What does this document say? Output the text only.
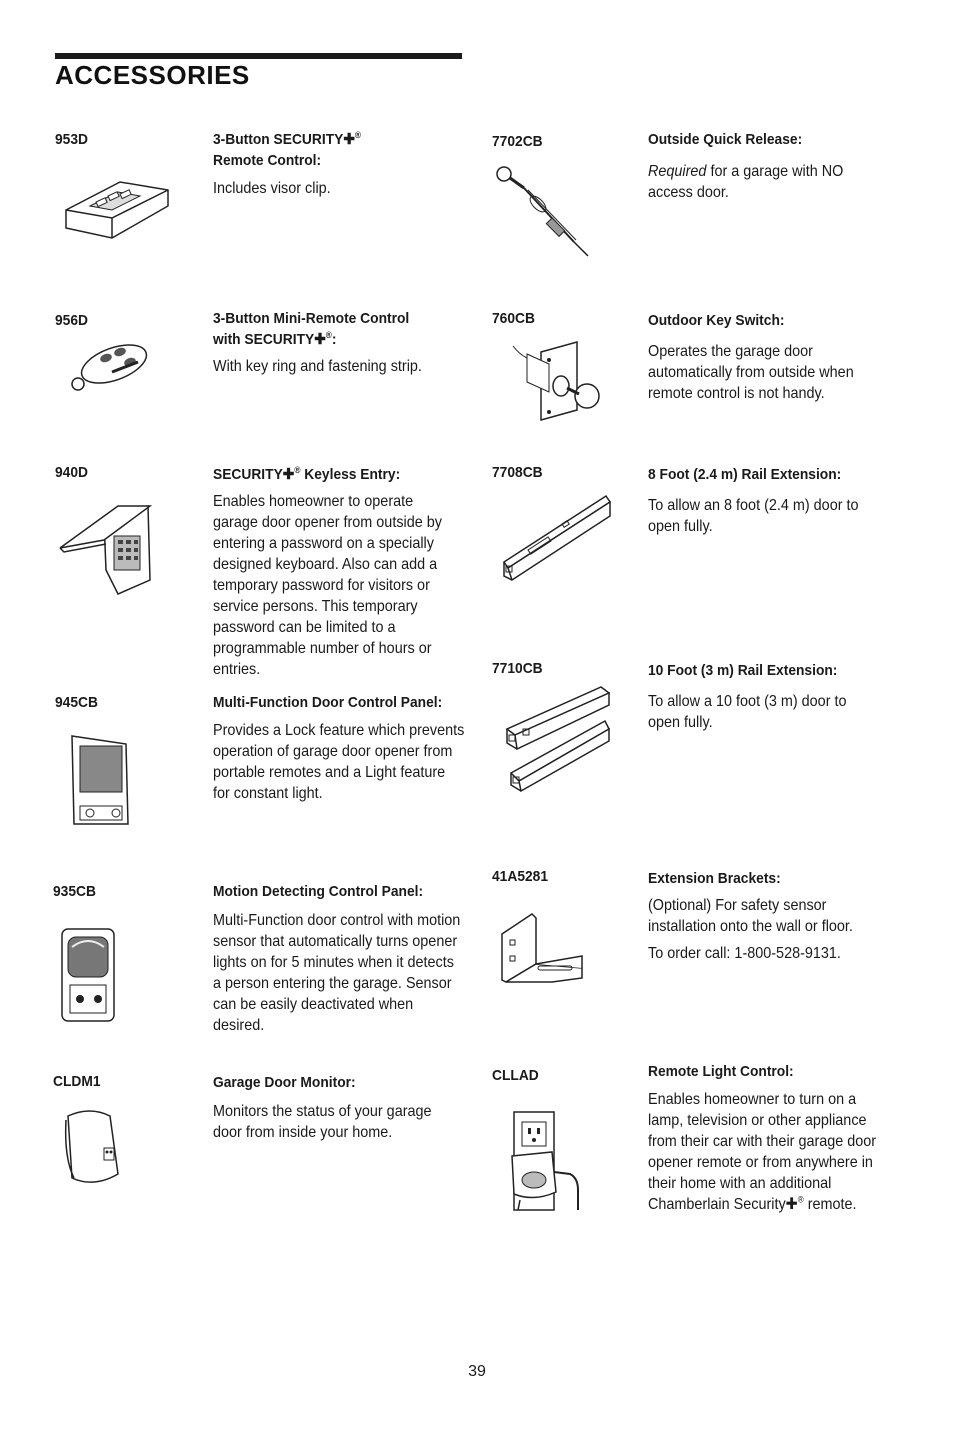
ACCESSORIES
953D	3-Button SECURITY✚®
Remote Control:
Includes visor clip.
956D	3-Button Mini-Remote Control
with SECURITY✚®:
With key ring and fastening strip.
940D	SECURITY✚® Keyless Entry:
Enables homeowner to operate garage door opener from outside by entering a password on a specially designed keyboard. Also can add a temporary password for visitors or service persons. This temporary password can be limited to a programmable number of hours or entries.
945CB	Multi-Function Door Control Panel:
Provides a Lock feature which prevents operation of garage door opener from portable remotes and a Light feature for constant light.
935CB	Motion Detecting Control Panel:
Multi-Function door control with motion sensor that automatically turns opener lights on for 5 minutes when it detects a person entering the garage. Sensor can be easily deactivated when desired.
CLDM1	Garage Door Monitor:
Monitors the status of your garage door from inside your home.
7702CB	Outside Quick Release:
Required for a garage with NO access door.
760CB	Outdoor Key Switch:
Operates the garage door automatically from outside when remote control is not handy.
7708CB	8 Foot (2.4 m) Rail Extension:
To allow an 8 foot (2.4 m) door to open fully.
7710CB	10 Foot (3 m) Rail Extension:
To allow a 10 foot (3 m) door to open fully.
41A5281	Extension Brackets:

(Optional) For safety sensor installation onto the wall or floor.

To order call: 1-800-528-9131.

CLLAD	Remote Light Control:
Enables homeowner to turn on a lamp, television or other appliance from their car with their garage door opener remote or from anywhere in their home with an additional Chamberlain Security✚® remote.
39
